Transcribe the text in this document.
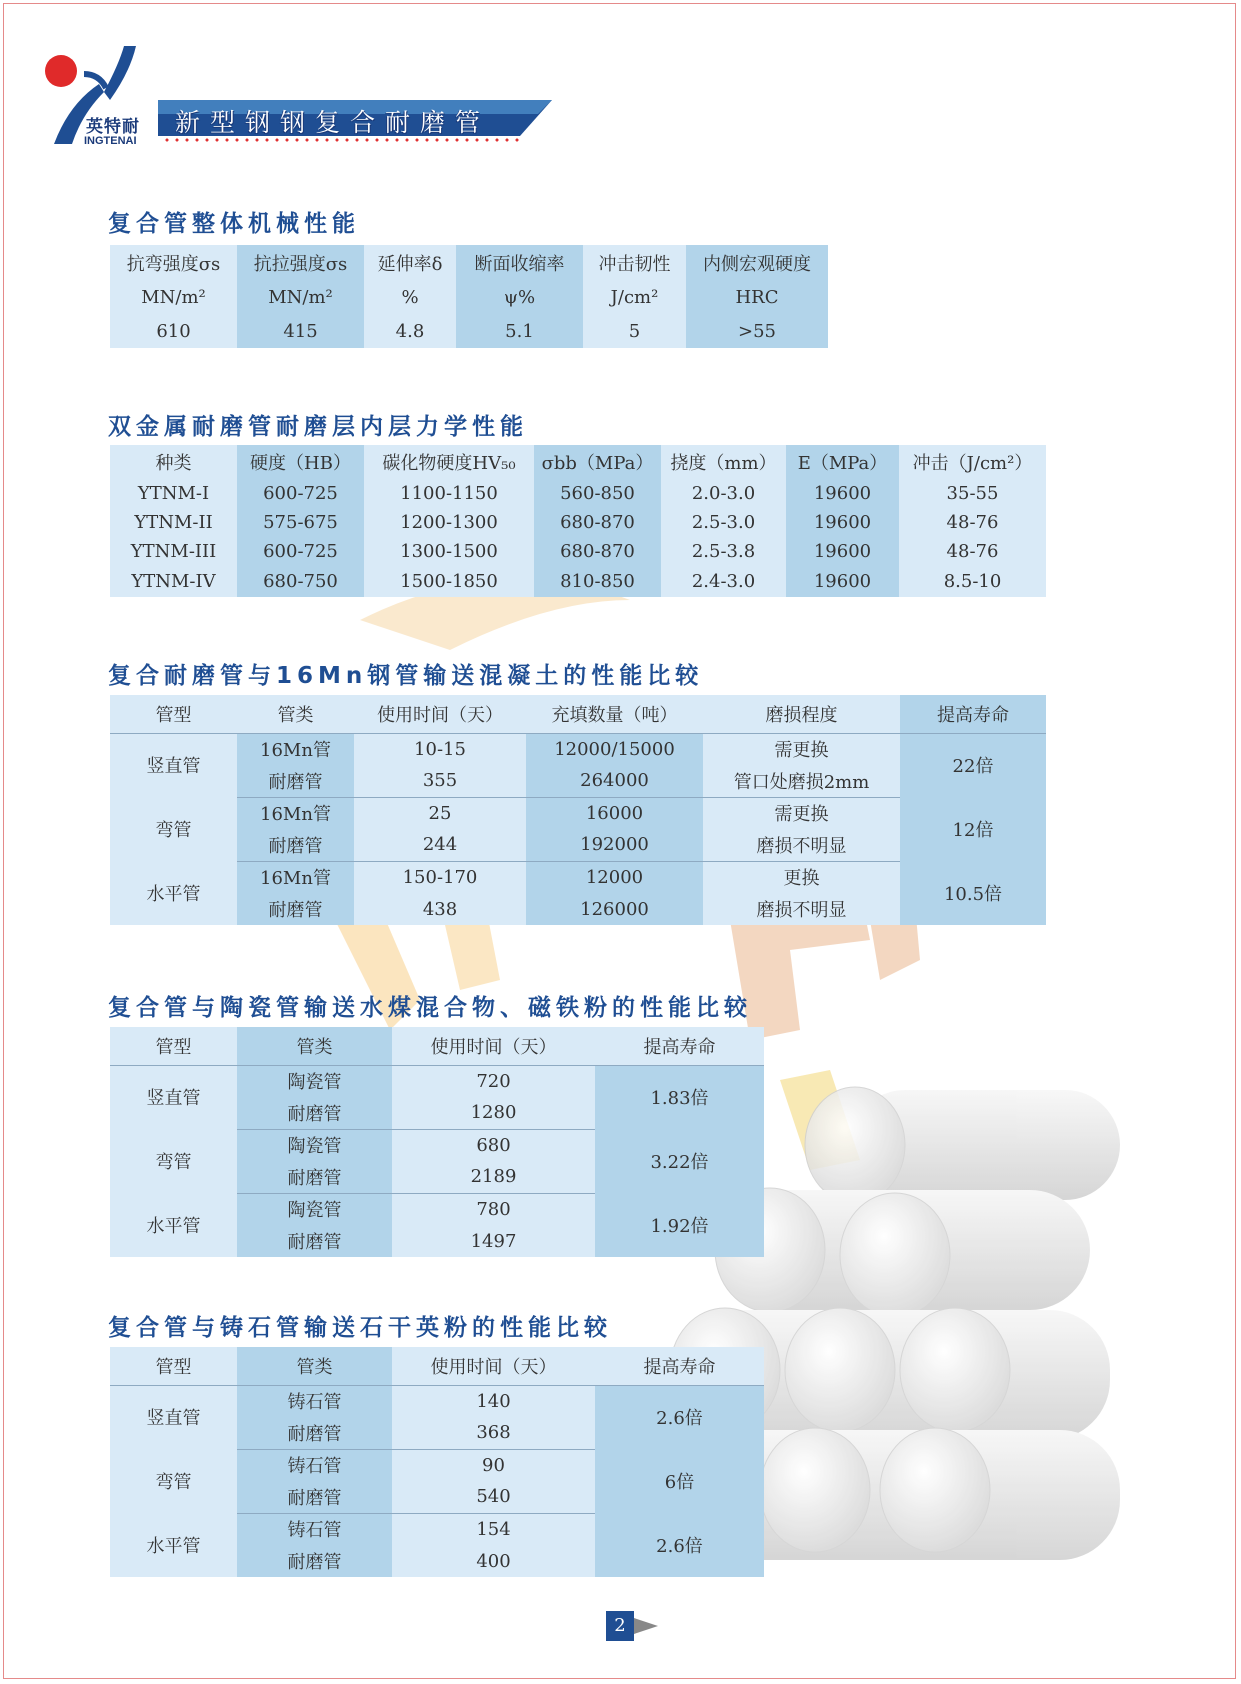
英特耐
INGTENAI
新型钢钢复合耐磨管
复合管整体机械性能
抗弯强度σs	抗拉强度σs	延伸率δ	断面收缩率	冲击韧性	内侧宏观硬度
MN/m²	MN/m²	%	ψ%	J/cm²	HRC
610	415	4.8	5.1	5	>55
双金属耐磨管耐磨层内层力学性能
种类	硬度（HB）	碳化物硬度HV₅₀	σbb（MPa）	挠度（mm）	E（MPa）	冲击（J/cm²）
YTNM-I	600-725	1100-1150	560-850	2.0-3.0	19600	35-55
YTNM-II	575-675	1200-1300	680-870	2.5-3.0	19600	48-76
YTNM-III	600-725	1300-1500	680-870	2.5-3.8	19600	48-76
YTNM-IV	680-750	1500-1850	810-850	2.4-3.0	19600	8.5-10
复合耐磨管与16Mn钢管输送混凝土的性能比较
管型	管类	使用时间（天）	充填数量（吨）	磨损程度	提高寿命
竖直管	16Mn管	10-15	12000/15000	需更换	22倍
	耐磨管	355	264000	管口处磨损2mm	
弯管	16Mn管	25	16000	需更换	12倍
	耐磨管	244	192000	磨损不明显	
水平管	16Mn管	150-170	12000	更换	10.5倍
	耐磨管	438	126000	磨损不明显	
复合管与陶瓷管输送水煤混合物、磁铁粉的性能比较
管型	管类	使用时间（天）	提高寿命
竖直管	陶瓷管	720	1.83倍
	耐磨管	1280	
弯管	陶瓷管	680	3.22倍
	耐磨管	2189	
水平管	陶瓷管	780	1.92倍
	耐磨管	1497	
复合管与铸石管输送石干英粉的性能比较
管型	管类	使用时间（天）	提高寿命
竖直管	铸石管	140	2.6倍
	耐磨管	368	
弯管	铸石管	90	6倍
	耐磨管	540	
水平管	铸石管	154	2.6倍
	耐磨管	400	
2
